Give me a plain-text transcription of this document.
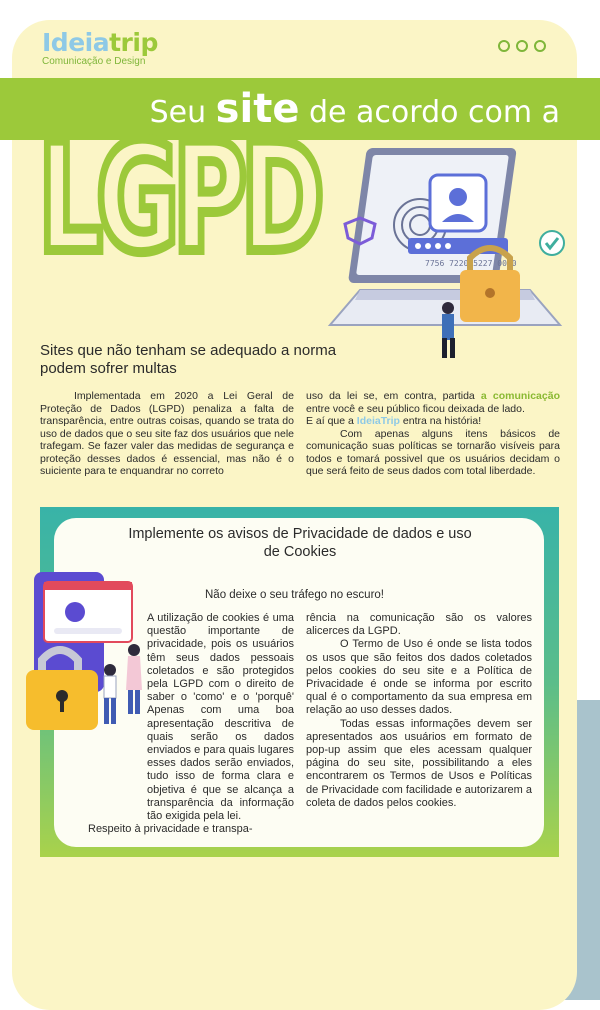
Ideiatrip
Comunicação e Design
Seu site de acordo com a
LGPD	7756 7220 5227 0000
Sites que não tenham se adequado a norma podem sofrer multas

Implementada em 2020 a Lei Geral de Proteção de Dados (LGPD) penaliza a falta de transparência, entre outras coisas, quando se trata do uso de dados que o seu site faz dos usuários que nele trafegam. Se fazer valer das medidas de segurança e proteção desses dados é essencial, mas não é o suiciente para te enquandrar no correto

uso da lei se, em contra, partida a comunicação entre você e seu público ficou deixada de lado.

E aí que a IdeiaTrip entra na história!

Com apenas alguns itens básicos de comunicação suas políticas se tornarão visíveis para todos e tomará possivel que os usuários decidam o que será feito de seus dados com total liberdade.

Implemente os avisos de Privacidade de dados e uso de Cookies
Não deixe o seu tráfego no escuro!

A utilização de cookies é uma questão importante de privacidade, pois os usuários têm seus dados pessoais coletados e são protegidos pela LGPD com o direito de saber o 'como' e o 'porquê' Apenas com uma boa apresentação descritiva de quais serão os dados enviados e para quais lugares esses dados serão enviados, tudo isso de forma clara e objetiva é que se alcança a transparência da informação tão exigida pela lei.

Respeito à privacidade e transpa-

rência na comunicação são os valores alicerces da LGPD.

O Termo de Uso é onde se lista todos os usos que são feitos dos dados coletados pelos cookies do seu site e a Política de Privacidade é onde se informa por escrito qual é o comportamento da sua empresa em relação ao uso desses dados.

Todas essas informações devem ser apresentados aos usuários em formato de pop-up assim que eles acessam qualquer página do seu site, possibilitando a eles encontrarem os Termos de Usos e Políticas de Privacidade com facilidade e autorizarem a coleta de dados pelos cookies.
